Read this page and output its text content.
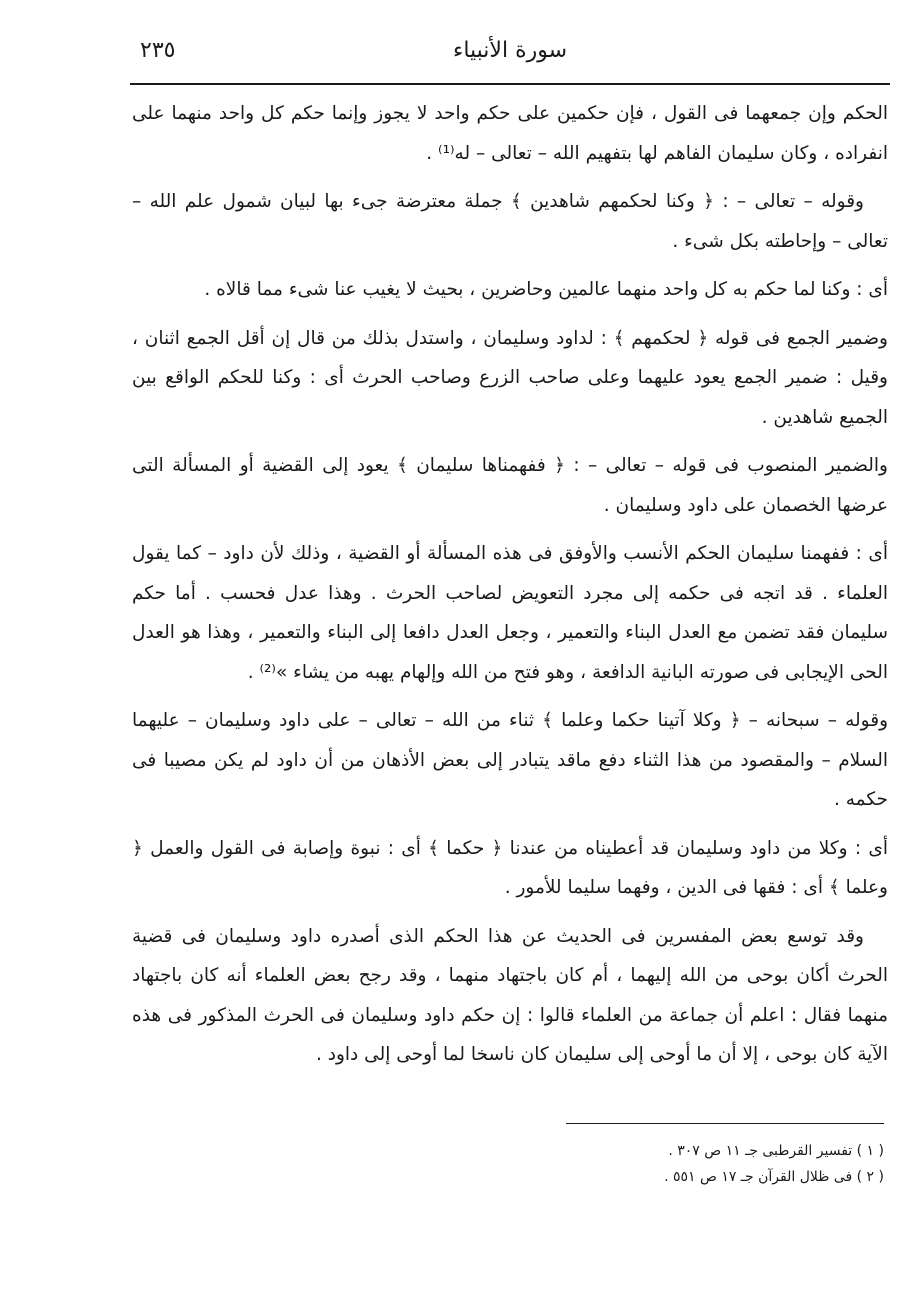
سورة الأنبياء
٢٣٥

الحكم وإن جمعهما فى القول ، فإن حكمين على حكم واحد لا يجوز وإنما حكم كل واحد منهما على انفراده ، وكان سليمان الفاهم لها بتفهيم الله – تعالى – له⁽¹⁾ .

وقوله – تعالى – : ﴿ وكنا لحكمهم شاهدين ﴾ جملة معترضة جىء بها لبيان شمول علم الله – تعالى – وإحاطته بكل شىء .

أى : وكنا لما حكم به كل واحد منهما عالمين وحاضرين ، بحيث لا يغيب عنا شىء مما قالاه .

وضمير الجمع فى قوله ﴿ لحكمهم ﴾ : لداود وسليمان ، واستدل بذلك من قال إن أقل الجمع اثنان ، وقيل : ضمير الجمع يعود عليهما وعلى صاحب الزرع وصاحب الحرث أى : وكنا للحكم الواقع بين الجميع شاهدين .

والضمير المنصوب فى قوله – تعالى – : ﴿ ففهمناها سليمان ﴾ يعود إلى القضية أو المسألة التى عرضها الخصمان على داود وسليمان .

أى : ففهمنا سليمان الحكم الأنسب والأوفق فى هذه المسألة أو القضية ، وذلك لأن داود – كما يقول العلماء . قد اتجه فى حكمه إلى مجرد التعويض لصاحب الحرث . وهذا عدل فحسب . أما حكم سليمان فقد تضمن مع العدل البناء والتعمير ، وجعل العدل دافعا إلى البناء والتعمير ، وهذا هو العدل الحى الإيجابى فى صورته البانية الدافعة ، وهو فتح من الله وإلهام يهبه من يشاء »⁽²⁾ .

وقوله – سبحانه – ﴿ وكلا آتينا حكما وعلما ﴾ ثناء من الله – تعالى – على داود وسليمان – عليهما السلام – والمقصود من هذا الثناء دفع ماقد يتبادر إلى بعض الأذهان من أن داود لم يكن مصيبا فى حكمه .

أى : وكلا من داود وسليمان قد أعطيناه من عندنا ﴿ حكما ﴾ أى : نبوة وإصابة فى القول والعمل ﴿ وعلما ﴾ أى : فقها فى الدين ، وفهما سليما للأمور .

وقد توسع بعض المفسرين فى الحديث عن هذا الحكم الذى أصدره داود وسليمان فى قضية الحرث أكان بوحى من الله إليهما ، أم كان باجتهاد منهما ، وقد رجح بعض العلماء أنه كان باجتهاد منهما فقال : اعلم أن جماعة من العلماء قالوا : إن حكم داود وسليمان فى الحرث المذكور فى هذه الآية كان بوحى ، إلا أن ما أوحى إلى سليمان كان ناسخا لما أوحى إلى داود .

( ١ ) تفسير القرطبى جـ ١١ ص ٣٠٧ .

( ٢ ) فى ظلال القرآن جـ ١٧ ص ٥٥١ .
